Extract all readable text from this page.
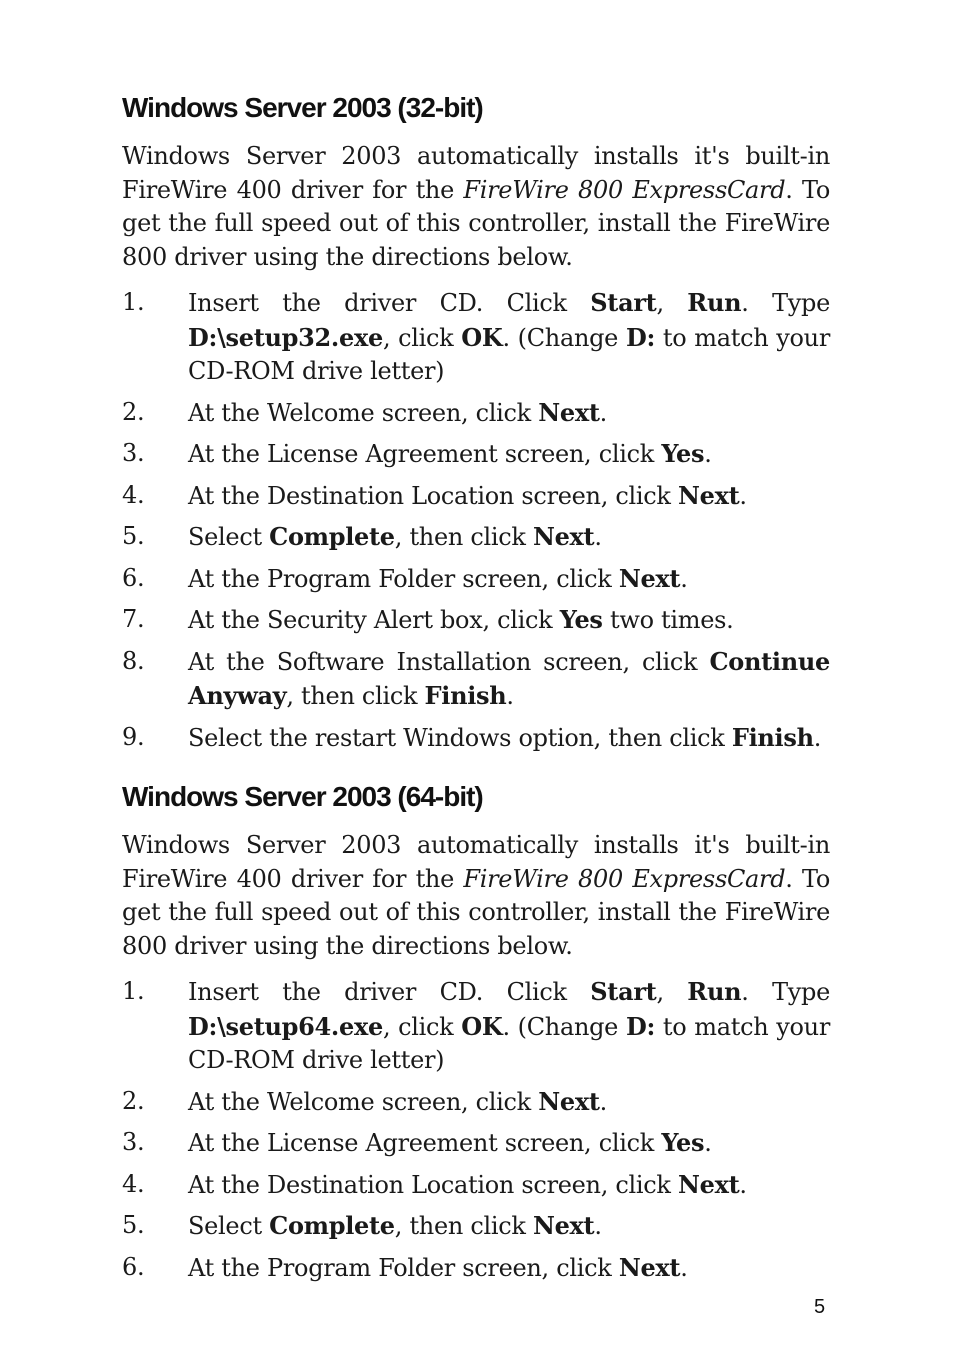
Windows Server 2003 (32-bit)

Windows Server 2003 automatically installs it's built-in FireWire 400 driver for the FireWire 800 ExpressCard. To get the full speed out of this controller, install the FireWire 800 driver using the directions below.

1. Insert the driver CD. Click Start, Run. Type D:\setup32.exe, click OK. (Change D: to match your CD-ROM drive letter)
2. At the Welcome screen, click Next.
3. At the License Agreement screen, click Yes.
4. At the Destination Location screen, click Next.
5. Select Complete, then click Next.
6. At the Program Folder screen, click Next.
7. At the Security Alert box, click Yes two times.
8. At the Software Installation screen, click Continue Anyway, then click Finish.
9. Select the restart Windows option, then click Finish.
Windows Server 2003 (64-bit)

Windows Server 2003 automatically installs it's built-in FireWire 400 driver for the FireWire 800 ExpressCard. To get the full speed out of this controller, install the FireWire 800 driver using the directions below.

1. Insert the driver CD. Click Start, Run. Type D:\setup64.exe, click OK. (Change D: to match your CD-ROM drive letter)
2. At the Welcome screen, click Next.
3. At the License Agreement screen, click Yes.
4. At the Destination Location screen, click Next.
5. Select Complete, then click Next.
6. At the Program Folder screen, click Next.
5
